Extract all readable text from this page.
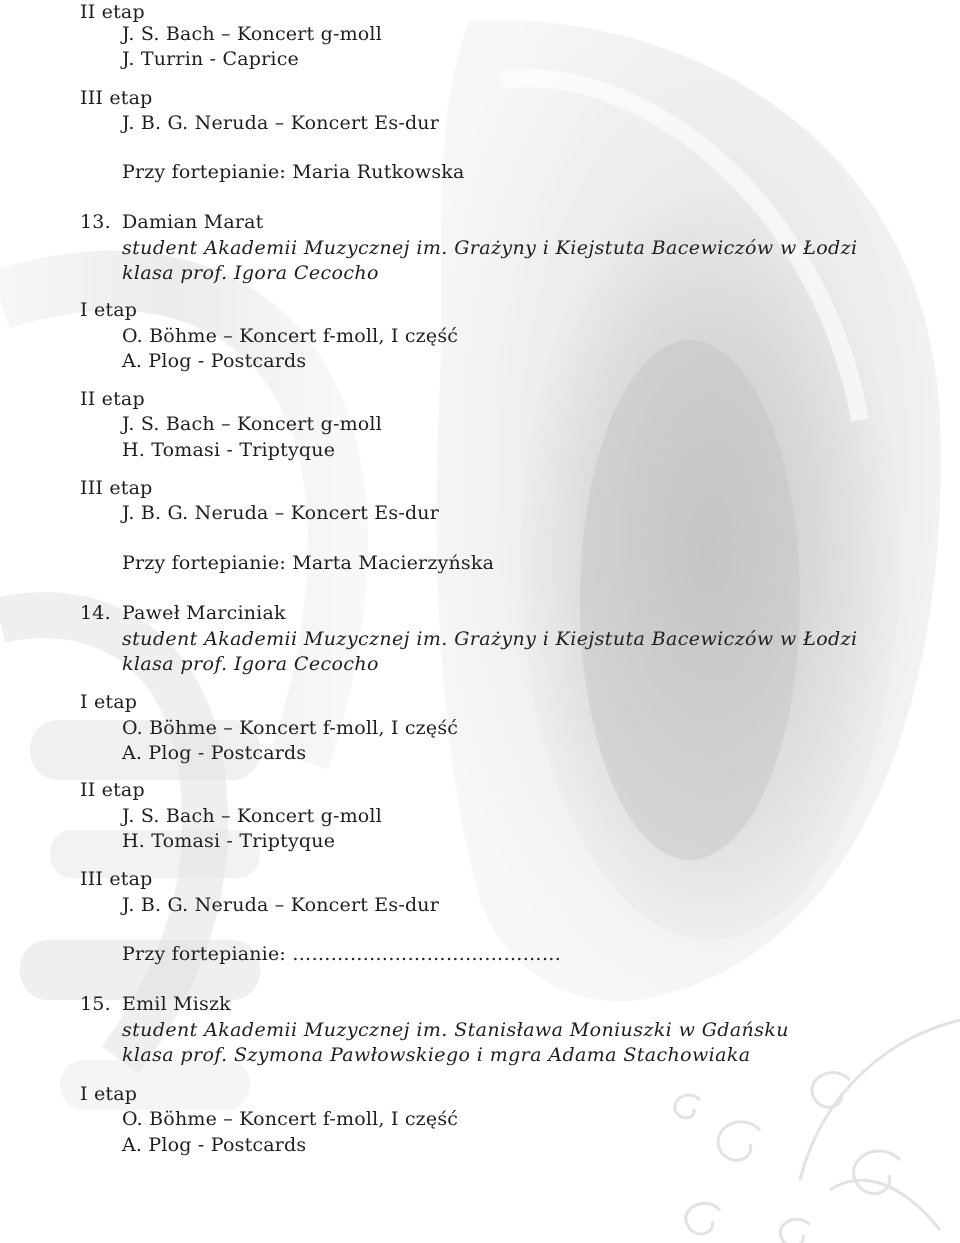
II etap
J. S. Bach – Koncert g-moll
J. Turrin - Caprice
III etap
J. B. G. Neruda – Koncert Es-dur
Przy fortepianie: Maria Rutkowska
13. Damian Marat
student Akademii Muzycznej im. Grażyny i Kiejstuta Bacewiczów w Łodzi
klasa prof. Igora Cecocho
I etap
O. Böhme – Koncert f-moll, I część
A. Plog - Postcards
II etap
J. S. Bach – Koncert g-moll
H. Tomasi - Triptyque
III etap
J. B. G. Neruda – Koncert Es-dur
Przy fortepianie: Marta Macierzyńska
14. Paweł Marciniak
student Akademii Muzycznej im. Grażyny i Kiejstuta Bacewiczów w Łodzi
klasa prof. Igora Cecocho
I etap
O. Böhme – Koncert f-moll, I część
A. Plog - Postcards
II etap
J. S. Bach – Koncert g-moll
H. Tomasi - Triptyque
III etap
J. B. G. Neruda – Koncert Es-dur
Przy fortepianie: ……………………………………
15. Emil Miszk
student Akademii Muzycznej im. Stanisława Moniuszki w Gdańsku
klasa prof. Szymona Pawłowskiego i mgra Adama Stachowiaka
I etap
O. Böhme – Koncert f-moll, I część
A. Plog - Postcards
